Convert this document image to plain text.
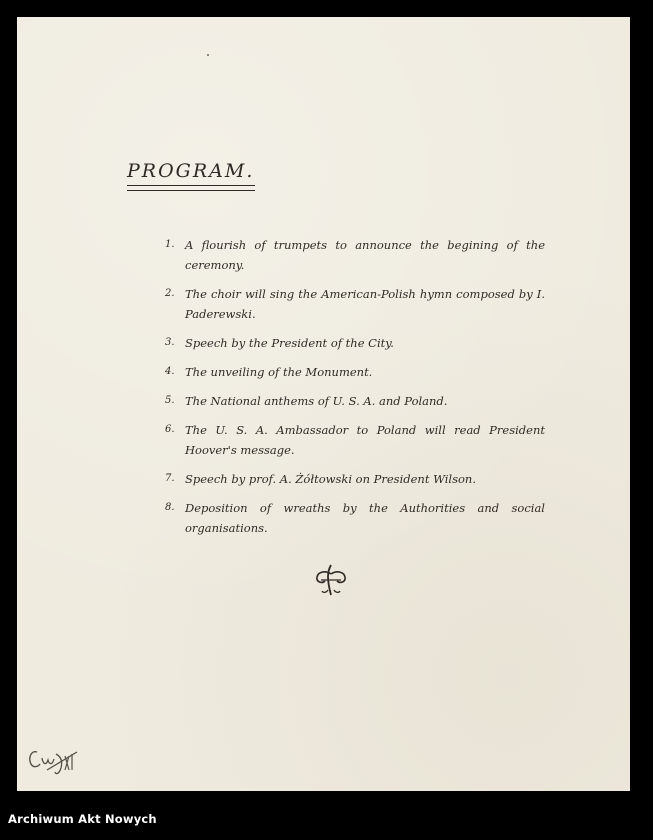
PROGRAM.
1. A flourish of trumpets to announce the begining of the ceremony.
2. The choir will sing the American-Polish hymn composed by I. Paderewski.
3. Speech by the President of the City.
4. The unveiling of the Monument.
5. The National anthems of U. S. A. and Poland.
6. The U. S. A. Ambassador to Poland will read President Hoover's message.
7. Speech by prof. A. Żółtowski on President Wilson.
8. Deposition of wreaths by the Authorities and social organisations.
Archiwum Akt Nowych
